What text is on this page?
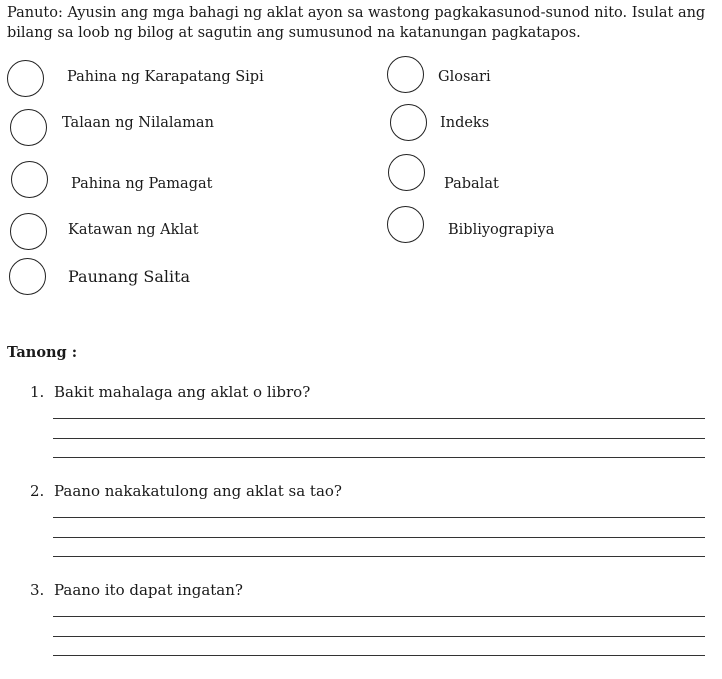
Panuto: Ayusin ang mga bahagi ng aklat ayon sa wastong pagkakasunod-sunod nito. Isulat ang bilang sa loob ng bilog at sagutin ang sumusunod na katanungan pagkatapos.

Pahina ng Karapatang Sipi
Talaan ng Nilalaman
Pahina ng Pamagat
Katawan ng Aklat
Paunang Salita
Glosari
Indeks
Pabalat
Bibliyograpiya

Tanong :

1. Bakit mahalaga ang aklat o libro?
2. Paano nakakatulong ang aklat sa tao?
3. Paano ito dapat ingatan?
